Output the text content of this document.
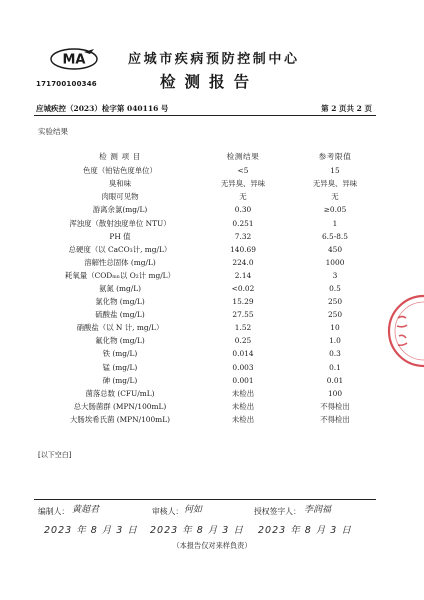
MA
171700100346
应城市疾病预防控制中心
检测报告
应城疾控（2023）检字第 040116 号	第 2 页共 2 页
实验结果
检 测 项 目	检测结果	参考限值
色度（铂钴色度单位）	<5	15
臭和味	无异臭、异味	无异臭、异味
肉眼可见物	无	无
游离余氯(mg/L)	0.30	≥0.05
浑浊度（散射浊度单位 NTU）	0.251	1
PH 值	7.32	6.5-8.5
总硬度（以 CaCO₃计, mg/L）	140.69	450
溶解性总固体 (mg/L)	224.0	1000
耗氧量（CODₘₙ以 O₂计 mg/L）	2.14	3
氨氮 (mg/L)	<0.02	0.5
氯化物 (mg/L)	15.29	250
硫酸盐 (mg/L)	27.55	250
硝酸盐（以 N 计, mg/L）	1.52	10
氟化物 (mg/L)	0.25	1.0
铁 (mg/L)	0.014	0.3
锰 (mg/L)	0.003	0.1
砷 (mg/L)	0.001	0.01
菌落总数 (CFU/mL)	未检出	100
总大肠菌群 (MPN/100mL)	未检出	不得检出
大肠埃希氏菌 (MPN/100mL)	未检出	不得检出
[以下空白]
编制人： 黄超君	审核人： 何如	授权签字人： 李润福
2023 年 8 月 3 日 2023 年 8 月 3 日 2023 年 8 月 3 日
（本报告仅对来样負责）
